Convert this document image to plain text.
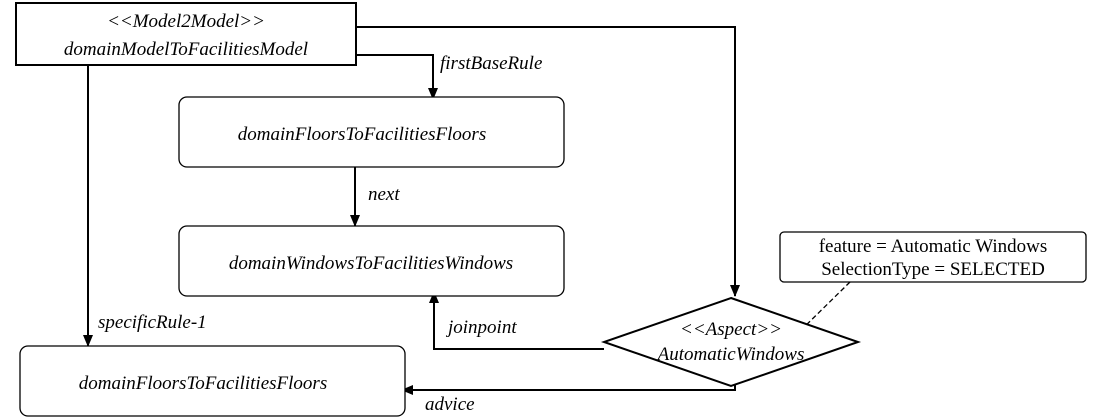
<<Model2Model>>
domainModelToFacilitiesModel
domainFloorsToFacilitiesFloors
domainWindowsToFacilitiesWindows
domainFloorsToFacilitiesFloors
<<Aspect>>
AutomaticWindows
feature = Automatic Windows
SelectionType = SELECTED
firstBaseRule
next
specificRule-1	joinpoint
advice
